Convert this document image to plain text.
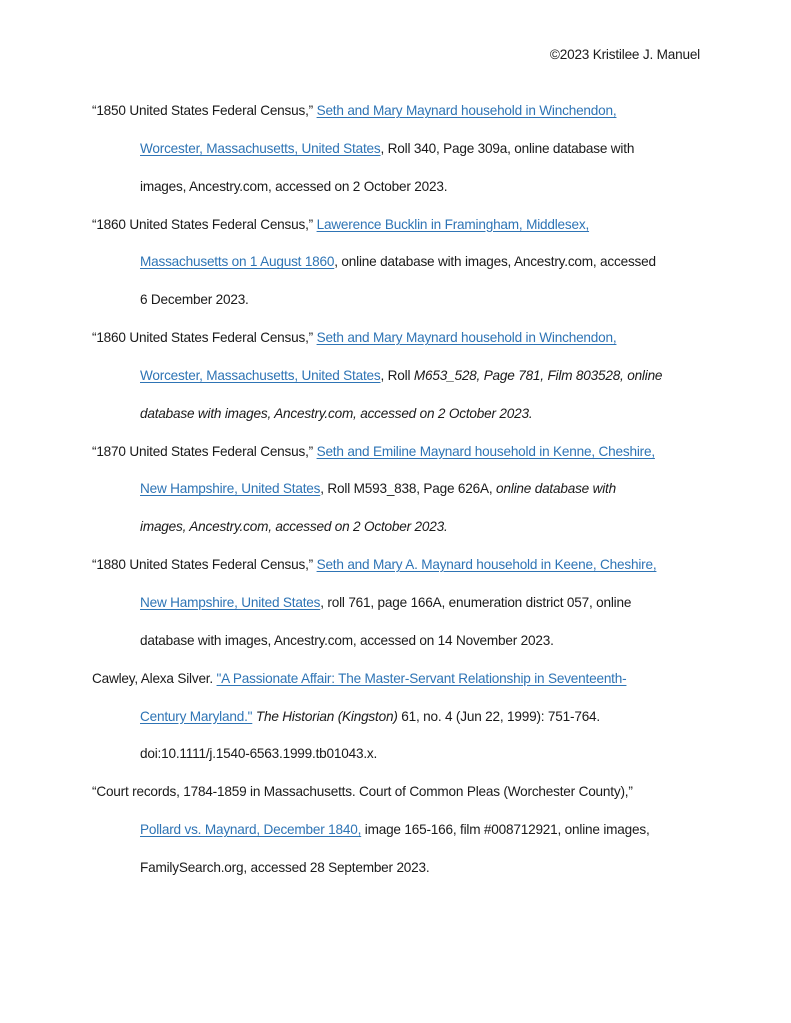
©2023 Kristilee J. Manuel

“1850 United States Federal Census,” Seth and Mary Maynard household in Winchendon,
Worcester, Massachusetts, United States, Roll 340, Page 309a, online database with
images, Ancestry.com, accessed on 2 October 2023.

“1860 United States Federal Census,” Lawerence Bucklin in Framingham, Middlesex,
Massachusetts on 1 August 1860, online database with images, Ancestry.com, accessed
6 December 2023.

“1860 United States Federal Census,” Seth and Mary Maynard household in Winchendon,
Worcester, Massachusetts, United States, Roll M653_528, Page 781, Film 803528, online
database with images, Ancestry.com, accessed on 2 October 2023.

“1870 United States Federal Census,” Seth and Emiline Maynard household in Kenne, Cheshire,
New Hampshire, United States, Roll M593_838, Page 626A, online database with
images, Ancestry.com, accessed on 2 October 2023.

“1880 United States Federal Census,” Seth and Mary A. Maynard household in Keene, Cheshire,
New Hampshire, United States, roll 761, page 166A, enumeration district 057, online
database with images, Ancestry.com, accessed on 14 November 2023.

Cawley, Alexa Silver. "A Passionate Affair: The Master-Servant Relationship in Seventeenth-
Century Maryland." The Historian (Kingston) 61, no. 4 (Jun 22, 1999): 751-764.
doi:10.1111/j.1540-6563.1999.tb01043.x.

“Court records, 1784-1859 in Massachusetts. Court of Common Pleas (Worchester County),”
Pollard vs. Maynard, December 1840, image 165-166, film #008712921, online images,
FamilySearch.org, accessed 28 September 2023.
